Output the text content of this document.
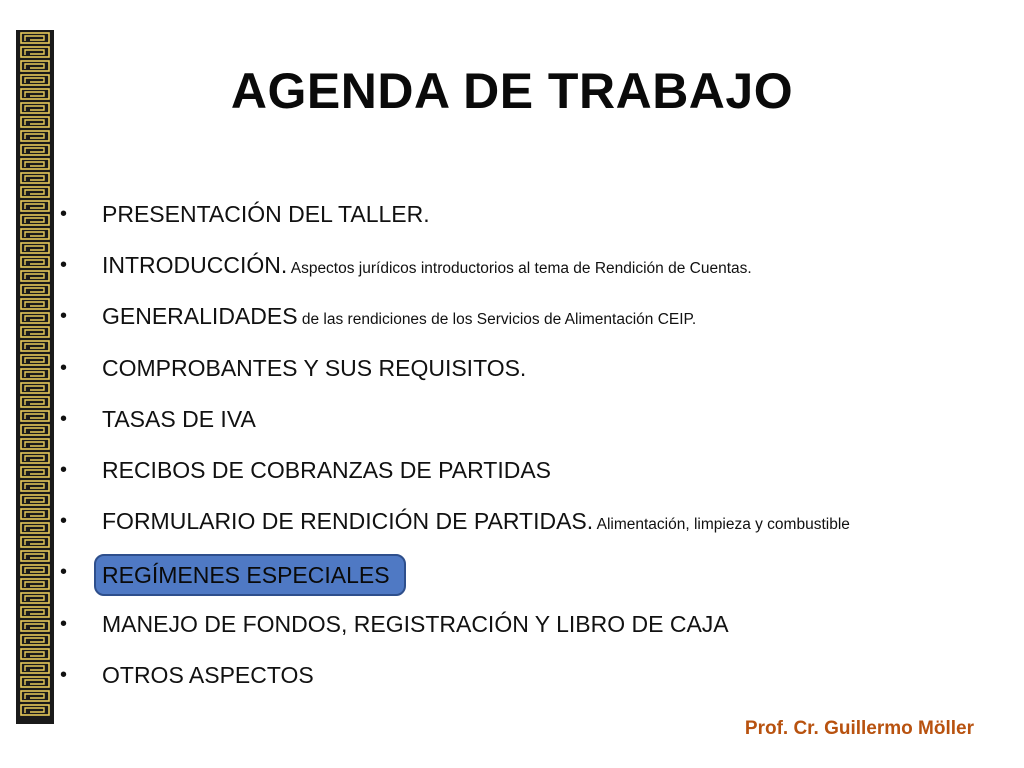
AGENDA DE TRABAJO
• PRESENTACIÓN DEL TALLER.
• INTRODUCCIÓN. Aspectos jurídicos introductorios al tema de Rendición de Cuentas.
• GENERALIDADES de las rendiciones de los Servicios de Alimentación CEIP.
• COMPROBANTES Y SUS REQUISITOS.
• TASAS DE IVA
• RECIBOS DE COBRANZAS DE PARTIDAS
• FORMULARIO DE RENDICIÓN DE PARTIDAS. Alimentación, limpieza y combustible
• REGÍMENES ESPECIALES
• MANEJO DE FONDOS, REGISTRACIÓN Y LIBRO DE CAJA
• OTROS ASPECTOS
Prof. Cr. Guillermo Möller
